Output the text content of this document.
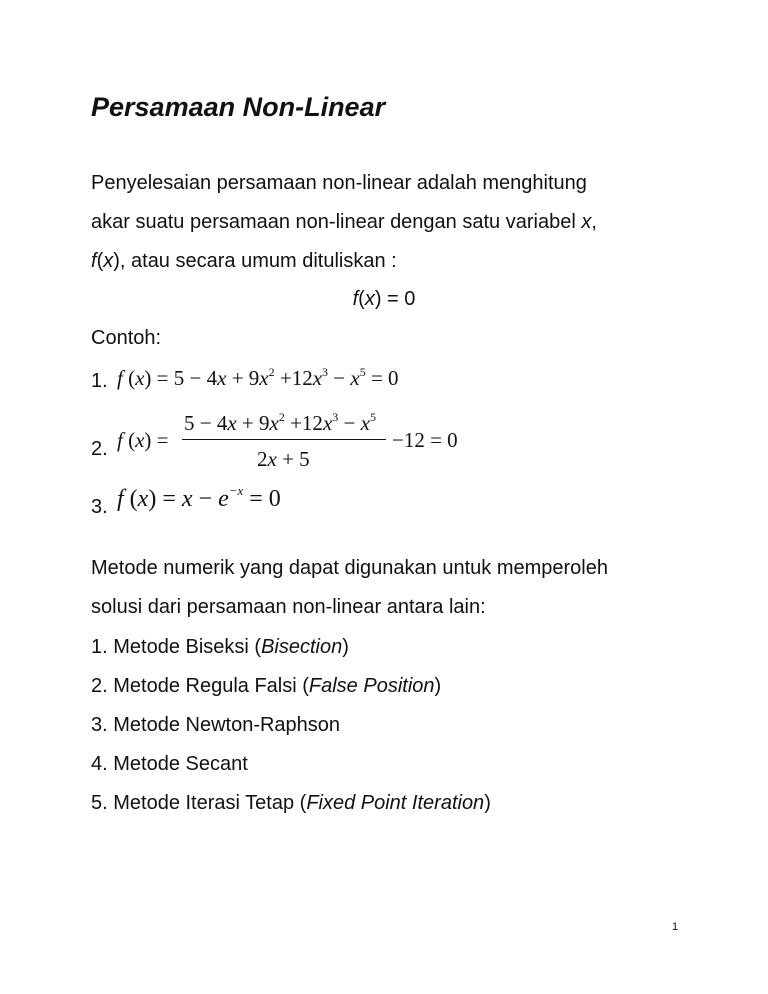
Persamaan Non-Linear
Penyelesaian persamaan non-linear adalah menghitung
akar suatu persamaan non-linear dengan satu variabel x,
f(x), atau secara umum dituliskan :
f(x) = 0
Contoh:
1. f $(x) = 5 - 4x + 9x^2 +12x^3 - x^5 = 0$
2. f (x) =
$5 - 4x + 9x^2 +12x^3 - x^5$
2x + 5
−12 = 0
3. f $(x) = x - e^{-x} = 0$
Metode numerik yang dapat digunakan untuk memperoleh
solusi dari persamaan non-linear antara lain:
1. Metode Biseksi (Bisection)
2. Metode Regula Falsi (False Position)
3. Metode Newton-Raphson
4. Metode Secant
5. Metode Iterasi Tetap (Fixed Point Iteration)
1
